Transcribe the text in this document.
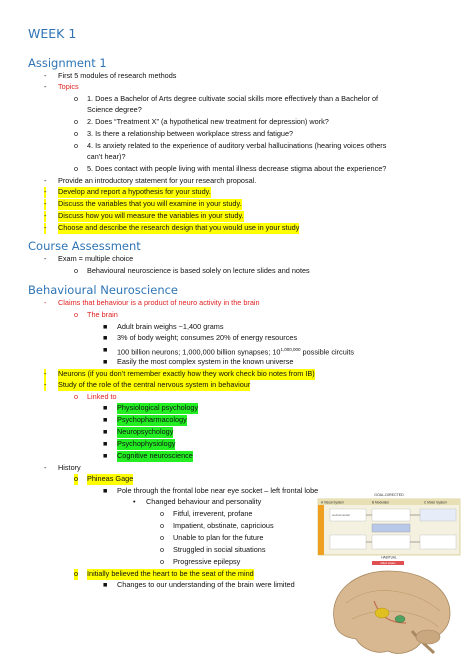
WEEK 1
Assignment 1
- First 5 modules of research methods
- Topics
o 1. Does a Bachelor of Arts degree cultivate social skills more effectively than a Bachelor of
Science degree?
o 2. Does “Treatment X” (a hypothetical new treatment for depression) work?
o 3. Is there a relationship between workplace stress and fatigue?
o 4. Is anxiety related to the experience of auditory verbal hallucinations (hearing voices others
can’t hear)?
o 5. Does contact with people living with mental illness decrease stigma about the experience?
- Provide an introductory statement for your research proposal.
- Develop and report a hypothesis for your study.
- Discuss the variables that you will examine in your study.
- Discuss how you will measure the variables in your study.
- Choose and describe the research design that you would use in your study
Course Assessment
- Exam = multiple choice
o Behavioural neuroscience is based solely on lecture slides and notes
Behavioural Neuroscience
- Claims that behaviour is a product of neuro activity in the brain
o The brain
■ Adult brain weighs ~1,400 grams
■ 3% of body weight; consumes 20% of energy resources
■ 100 billion neurons; 1,000,000 billion synapses; 10$^{1,000,000}$ possible circuits
■ Easily the most complex system in the known universe
- Neurons (if you don’t remember exactly how they work check bio notes from IB)
- Study of the role of the central nervous system in behaviour
o Linked to
■ Physiological psychology
■ Psychopharmacology
■ Neuropsychology
■ Psychophysiology
■ Cognitive neuroscience
- History
o Phineas Gage
■ Pole through the frontal lobe near eye socket – left frontal lobe
• Changed behaviour and personality
o Fitful, irreverent, profane
o Impatient, obstinate, capricious
o Unable to plan for the future
o Struggled in social situations
o Progressive epilepsy
o Initially believed the heart to be the seat of the mind
■ Changes to our understanding of the brain were limited
GOAL-DIRECTED
A Visual System	B Modulator	C Motor System
environmental
HABITUAL
affect states
